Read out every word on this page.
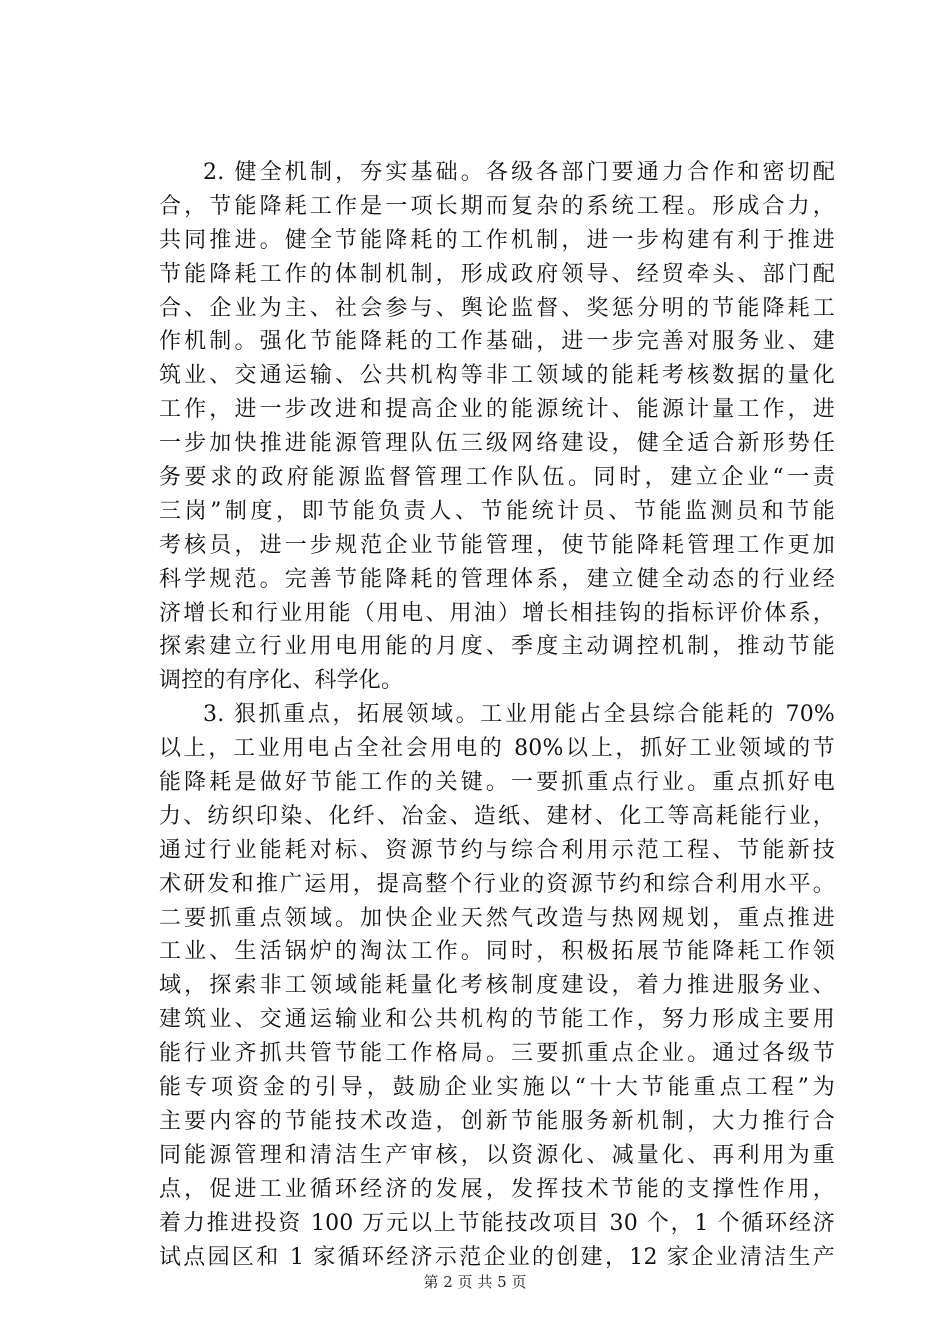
2. 健全机制，夯实基础。各级各部门要通力合作和密切配
合，节能降耗工作是一项长期而复杂的系统工程。形成合力，
共同推进。健全节能降耗的工作机制，进一步构建有利于推进
节能降耗工作的体制机制，形成政府领导、经贸牵头、部门配
合、企业为主、社会参与、舆论监督、奖惩分明的节能降耗工
作机制。强化节能降耗的工作基础，进一步完善对服务业、建
筑业、交通运输、公共机构等非工领域的能耗考核数据的量化
工作，进一步改进和提高企业的能源统计、能源计量工作，进
一步加快推进能源管理队伍三级网络建设，健全适合新形势任
务要求的政府能源监督管理工作队伍。同时，建立企业“一责
三岗”制度，即节能负责人、节能统计员、节能监测员和节能
考核员，进一步规范企业节能管理，使节能降耗管理工作更加
科学规范。完善节能降耗的管理体系，建立健全动态的行业经
济增长和行业用能（用电、用油）增长相挂钩的指标评价体系，
探索建立行业用电用能的月度、季度主动调控机制，推动节能
调控的有序化、科学化。
3. 狠抓重点，拓展领域。工业用能占全县综合能耗的 70%
以上，工业用电占全社会用电的 80%以上，抓好工业领域的节
能降耗是做好节能工作的关键。一要抓重点行业。重点抓好电
力、纺织印染、化纤、冶金、造纸、建材、化工等高耗能行业，
通过行业能耗对标、资源节约与综合利用示范工程、节能新技
术研发和推广运用，提高整个行业的资源节约和综合利用水平。
二要抓重点领域。加快企业天然气改造与热网规划，重点推进
工业、生活锅炉的淘汰工作。同时，积极拓展节能降耗工作领
域，探索非工领域能耗量化考核制度建设，着力推进服务业、
建筑业、交通运输业和公共机构的节能工作，努力形成主要用
能行业齐抓共管节能工作格局。三要抓重点企业。通过各级节
能专项资金的引导，鼓励企业实施以“十大节能重点工程”为
主要内容的节能技术改造，创新节能服务新机制，大力推行合
同能源管理和清洁生产审核，以资源化、减量化、再利用为重
点，促进工业循环经济的发展，发挥技术节能的支撑性作用，
着力推进投资 100 万元以上节能技改项目 30 个，1 个循环经济
试点园区和 1 家循环经济示范企业的创建，12 家企业清洁生产
第 2 页 共 5 页
